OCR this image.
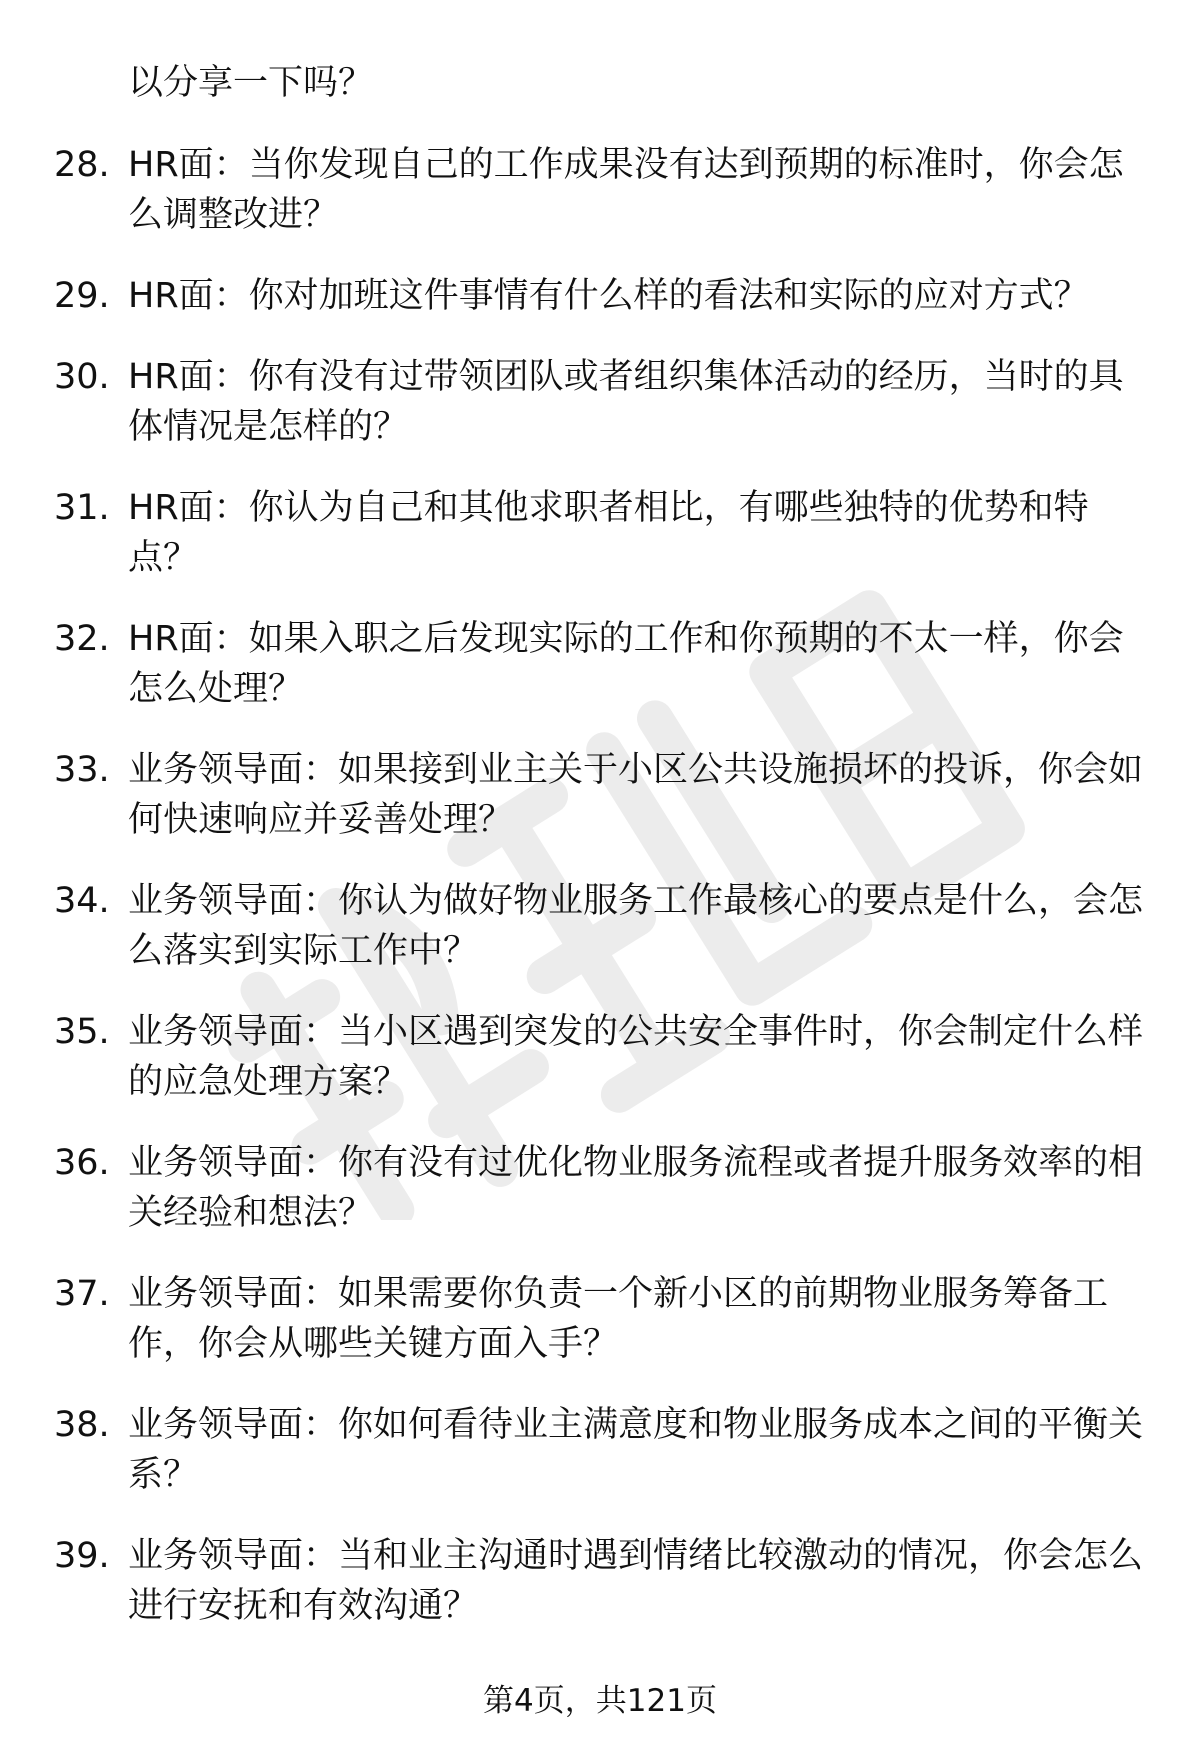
以分享一下吗？
28. HR面：当你发现自己的工作成果没有达到预期的标准时，你会怎么调整改进？
29. HR面：你对加班这件事情有什么样的看法和实际的应对方式？
30. HR面：你有没有过带领团队或者组织集体活动的经历，当时的具体情况是怎样的？
31. HR面：你认为自己和其他求职者相比，有哪些独特的优势和特点？
32. HR面：如果入职之后发现实际的工作和你预期的不太一样，你会怎么处理？
33. 业务领导面：如果接到业主关于小区公共设施损坏的投诉，你会如何快速响应并妥善处理？
34. 业务领导面：你认为做好物业服务工作最核心的要点是什么，会怎么落实到实际工作中？
35. 业务领导面：当小区遇到突发的公共安全事件时，你会制定什么样的应急处理方案？
36. 业务领导面：你有没有过优化物业服务流程或者提升服务效率的相关经验和想法？
37. 业务领导面：如果需要你负责一个新小区的前期物业服务筹备工作，你会从哪些关键方面入手？
38. 业务领导面：你如何看待业主满意度和物业服务成本之间的平衡关系？
39. 业务领导面：当和业主沟通时遇到情绪比较激动的情况，你会怎么进行安抚和有效沟通？
第4页，共121页
